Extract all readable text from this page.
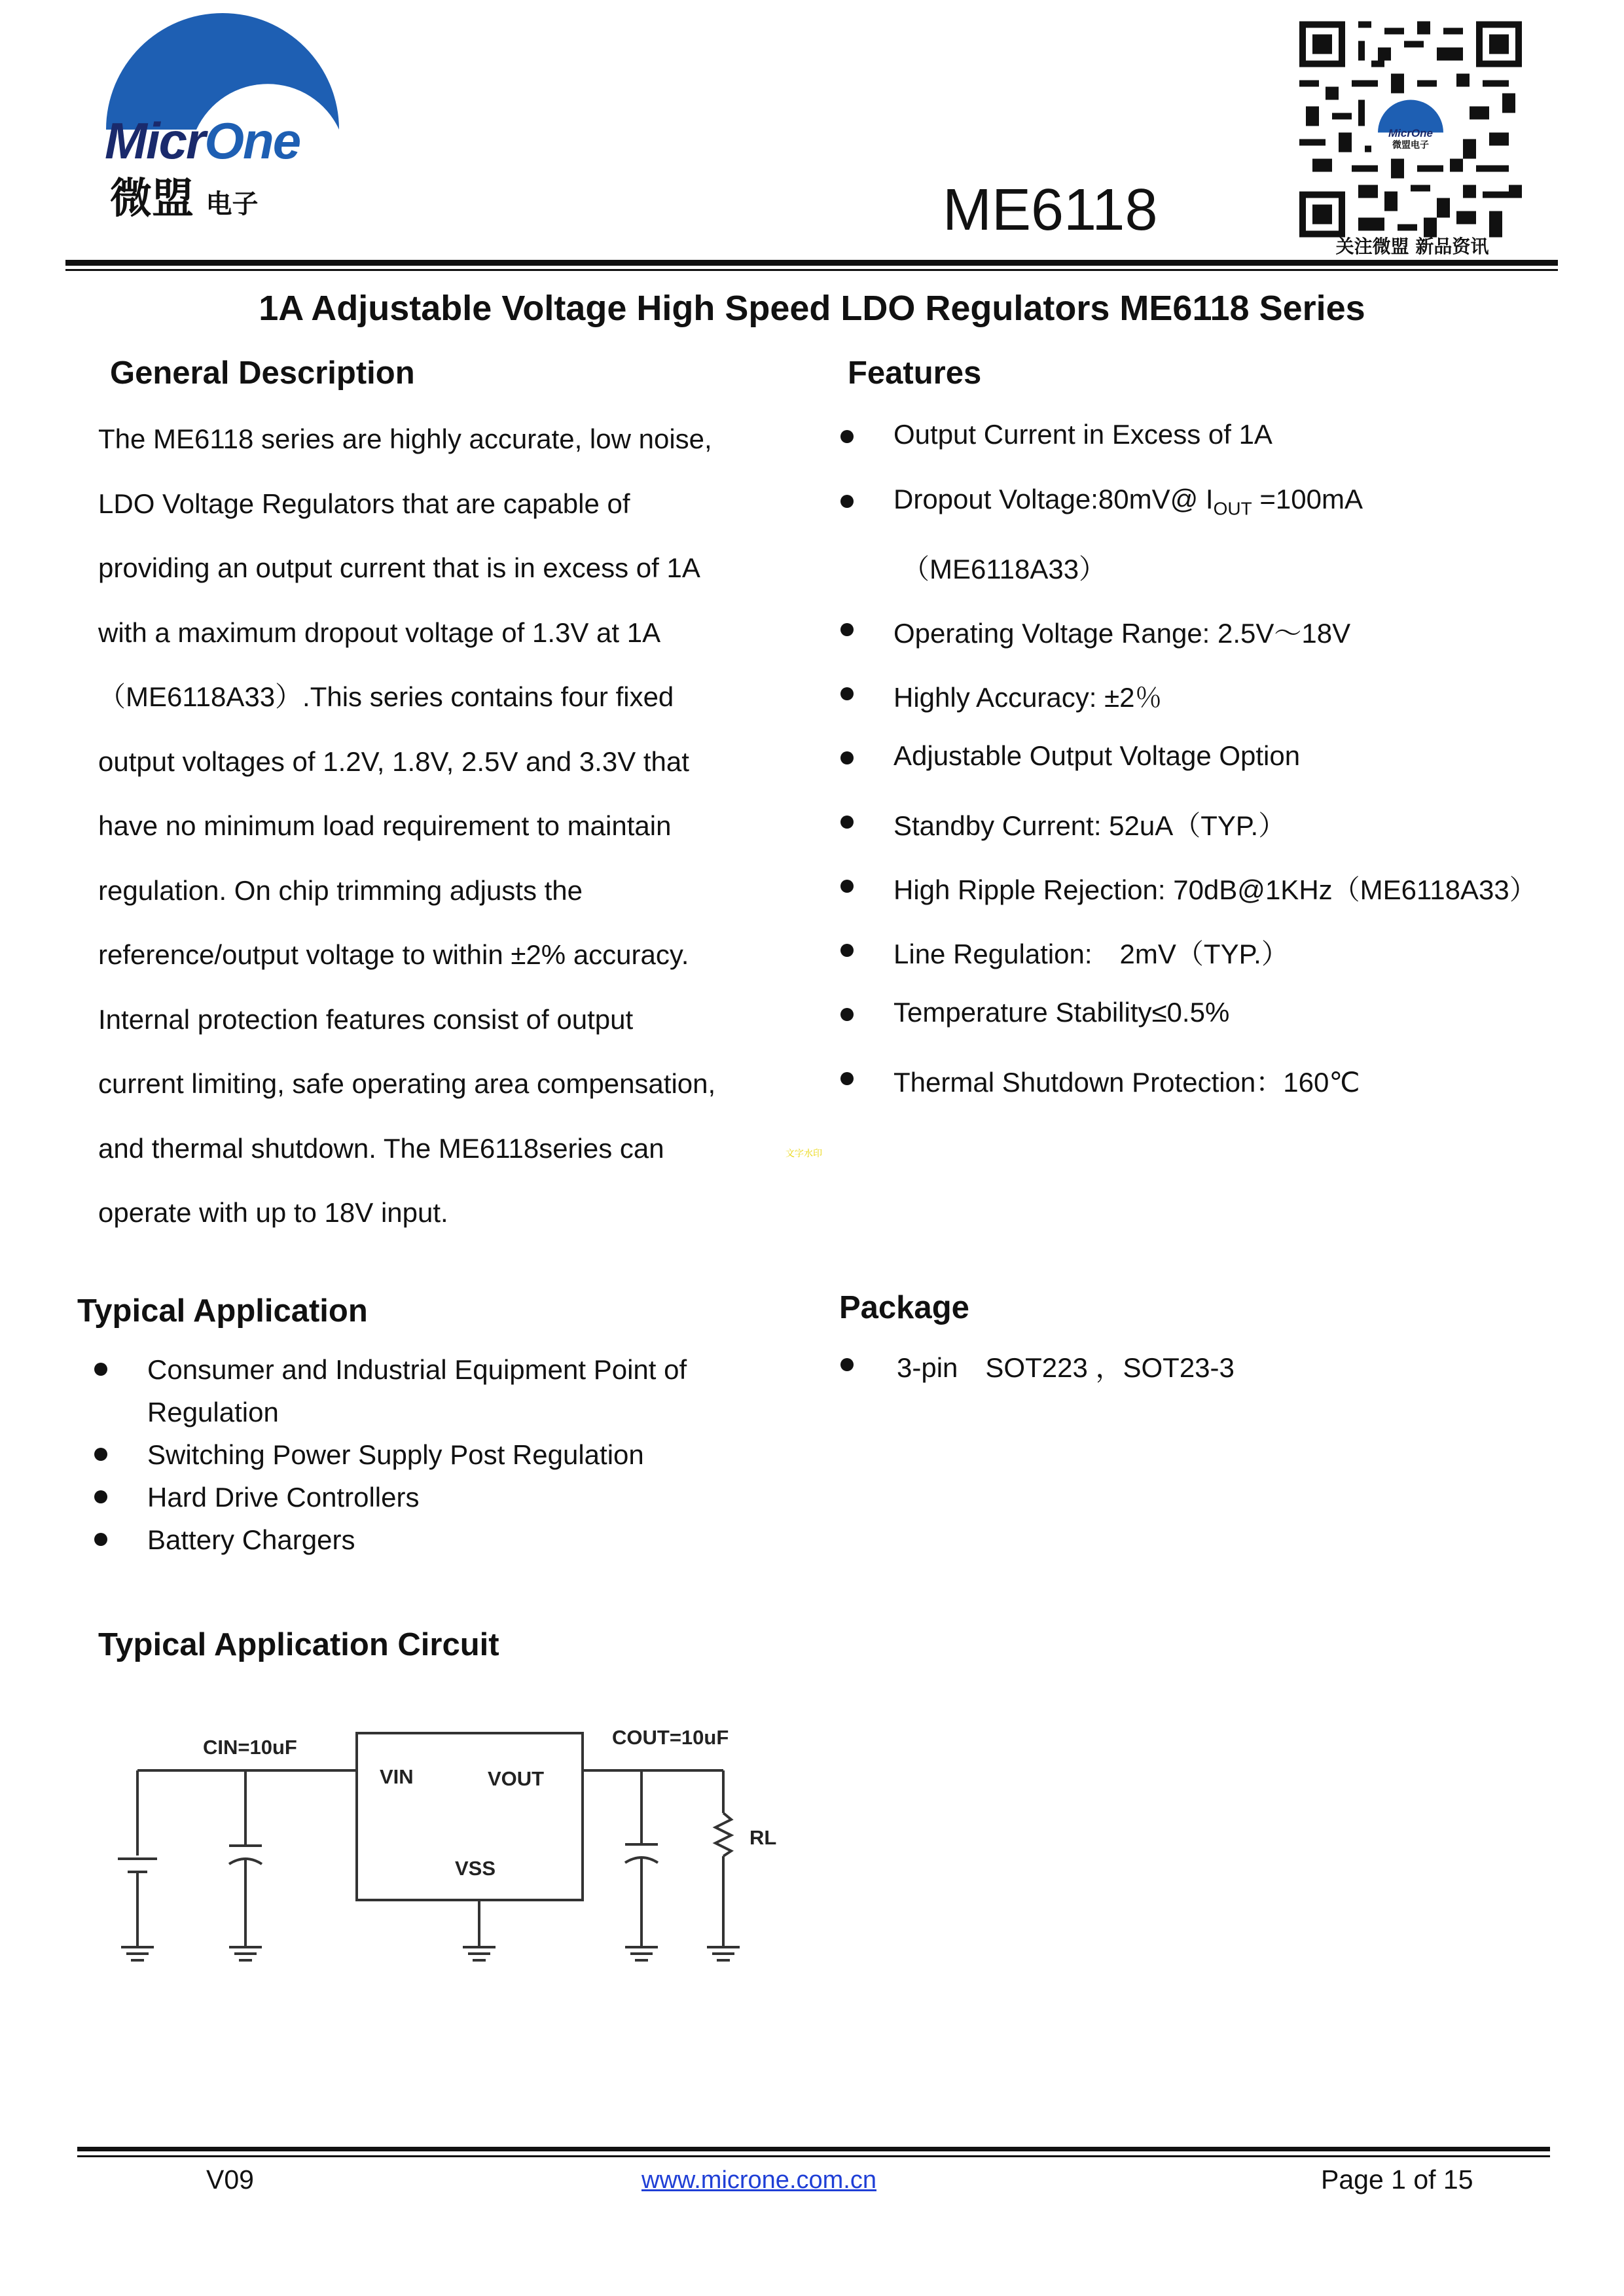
MicrOne
微盟 电子	ME6118
MicrOne
微盟电子
关注微盟 新品资讯
1A Adjustable Voltage High Speed LDO Regulators ME6118 Series
General Description
The ME6118 series are highly accurate, low noise,
LDO Voltage Regulators that are capable of
providing an output current that is in excess of 1A
with a maximum dropout voltage of 1.3V at 1A
（ME6118A33）.This series contains four fixed
output voltages of 1.2V, 1.8V, 2.5V and 3.3V that
have no minimum load requirement to maintain
regulation. On chip trimming adjusts the
reference/output voltage to within ±2% accuracy.
Internal protection features consist of output
current limiting, safe operating area compensation,
and thermal shutdown. The ME6118series can
operate with up to 18V input.
Features
Output Current in Excess of 1A
Dropout Voltage:80mV@ $I_{OUT} =100mA$
（ME6118A33）
Operating Voltage Range: 2.5V～18V
Highly Accuracy: ±2％
Adjustable Output Voltage Option
Standby Current: 52uA（TYP.）
High Ripple Rejection: 70dB@1KHz（ME6118A33）
Line Regulation:　2mV（TYP.）
Temperature Stability≤0.5%
Thermal Shutdown Protection：160℃
文字水印
Typical Application
Consumer and Industrial Equipment Point of
Regulation
Switching Power Supply Post Regulation
Hard Drive Controllers
Battery Chargers
Package
3-pin　SOT223 ，SOT23-3
Typical Application Circuit
CIN=10uF	COUT=10uF
VIN	VOUT
VSS
RL
V09	www.microne.com.cn	Page 1 of 15
